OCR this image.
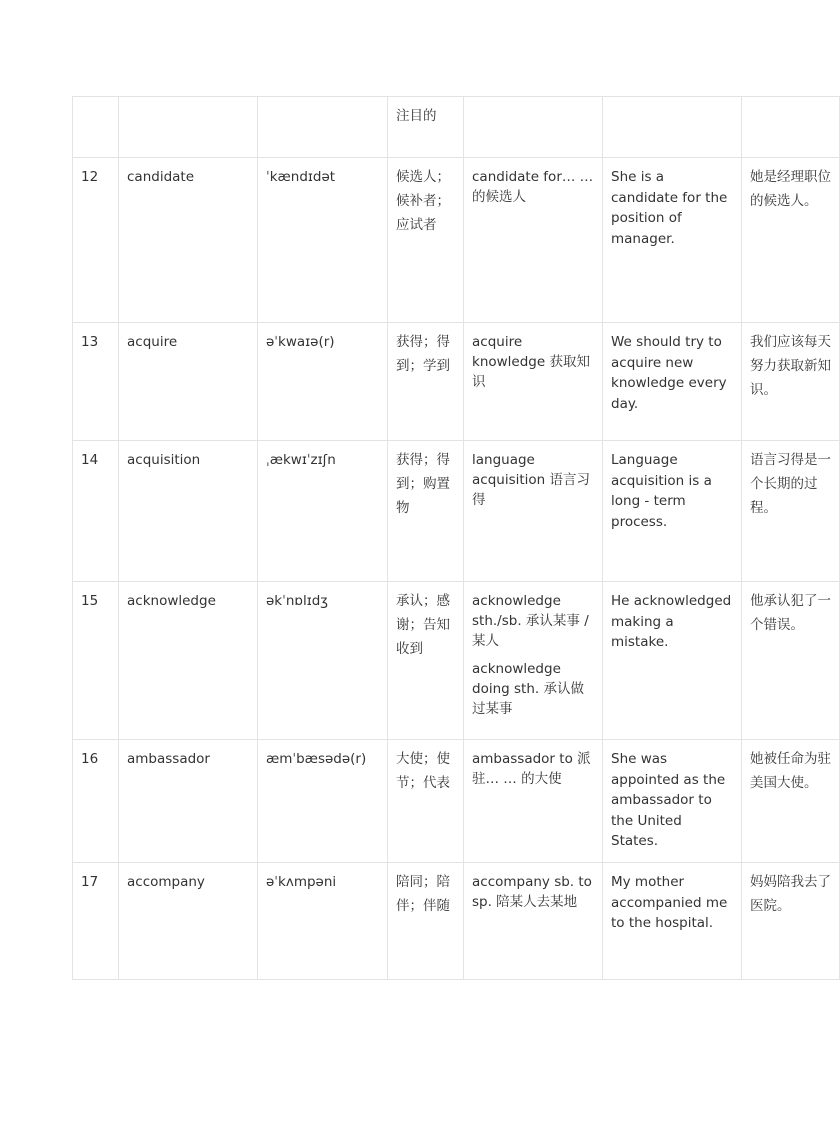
			注目的			
12	candidate	ˈkændɪdət	候选人；候补者；应试者	candidate for… … 的候选人	She is a candidate for the position of manager.	她是经理职位的候选人。
13	acquire	əˈkwaɪə(r)	获得；得到；学到	acquire knowledge 获取知识	We should try to acquire new knowledge every day.	我们应该每天努力获取新知识。
14	acquisition	ˌækwɪˈzɪʃn	获得；得到；购置物	language acquisition 语言习得	Language acquisition is a long - term process.	语言习得是一个长期的过程。
15	acknowledge	əkˈnɒlɪdʒ	承认；感谢；告知收到	acknowledge sth./sb. 承认某事 / 某人
acknowledge doing sth. 承认做过某事	He acknowledged making a mistake.	他承认犯了一个错误。
16	ambassador	æmˈbæsədə(r)	大使；使节；代表	ambassador to 派驻… … 的大使	She was appointed as the ambassador to the United States.	她被任命为驻美国大使。
17	accompany	əˈkʌmpəni	陪同；陪伴；伴随	accompany sb. to sp. 陪某人去某地	My mother accompanied me to the hospital.	妈妈陪我去了医院。
